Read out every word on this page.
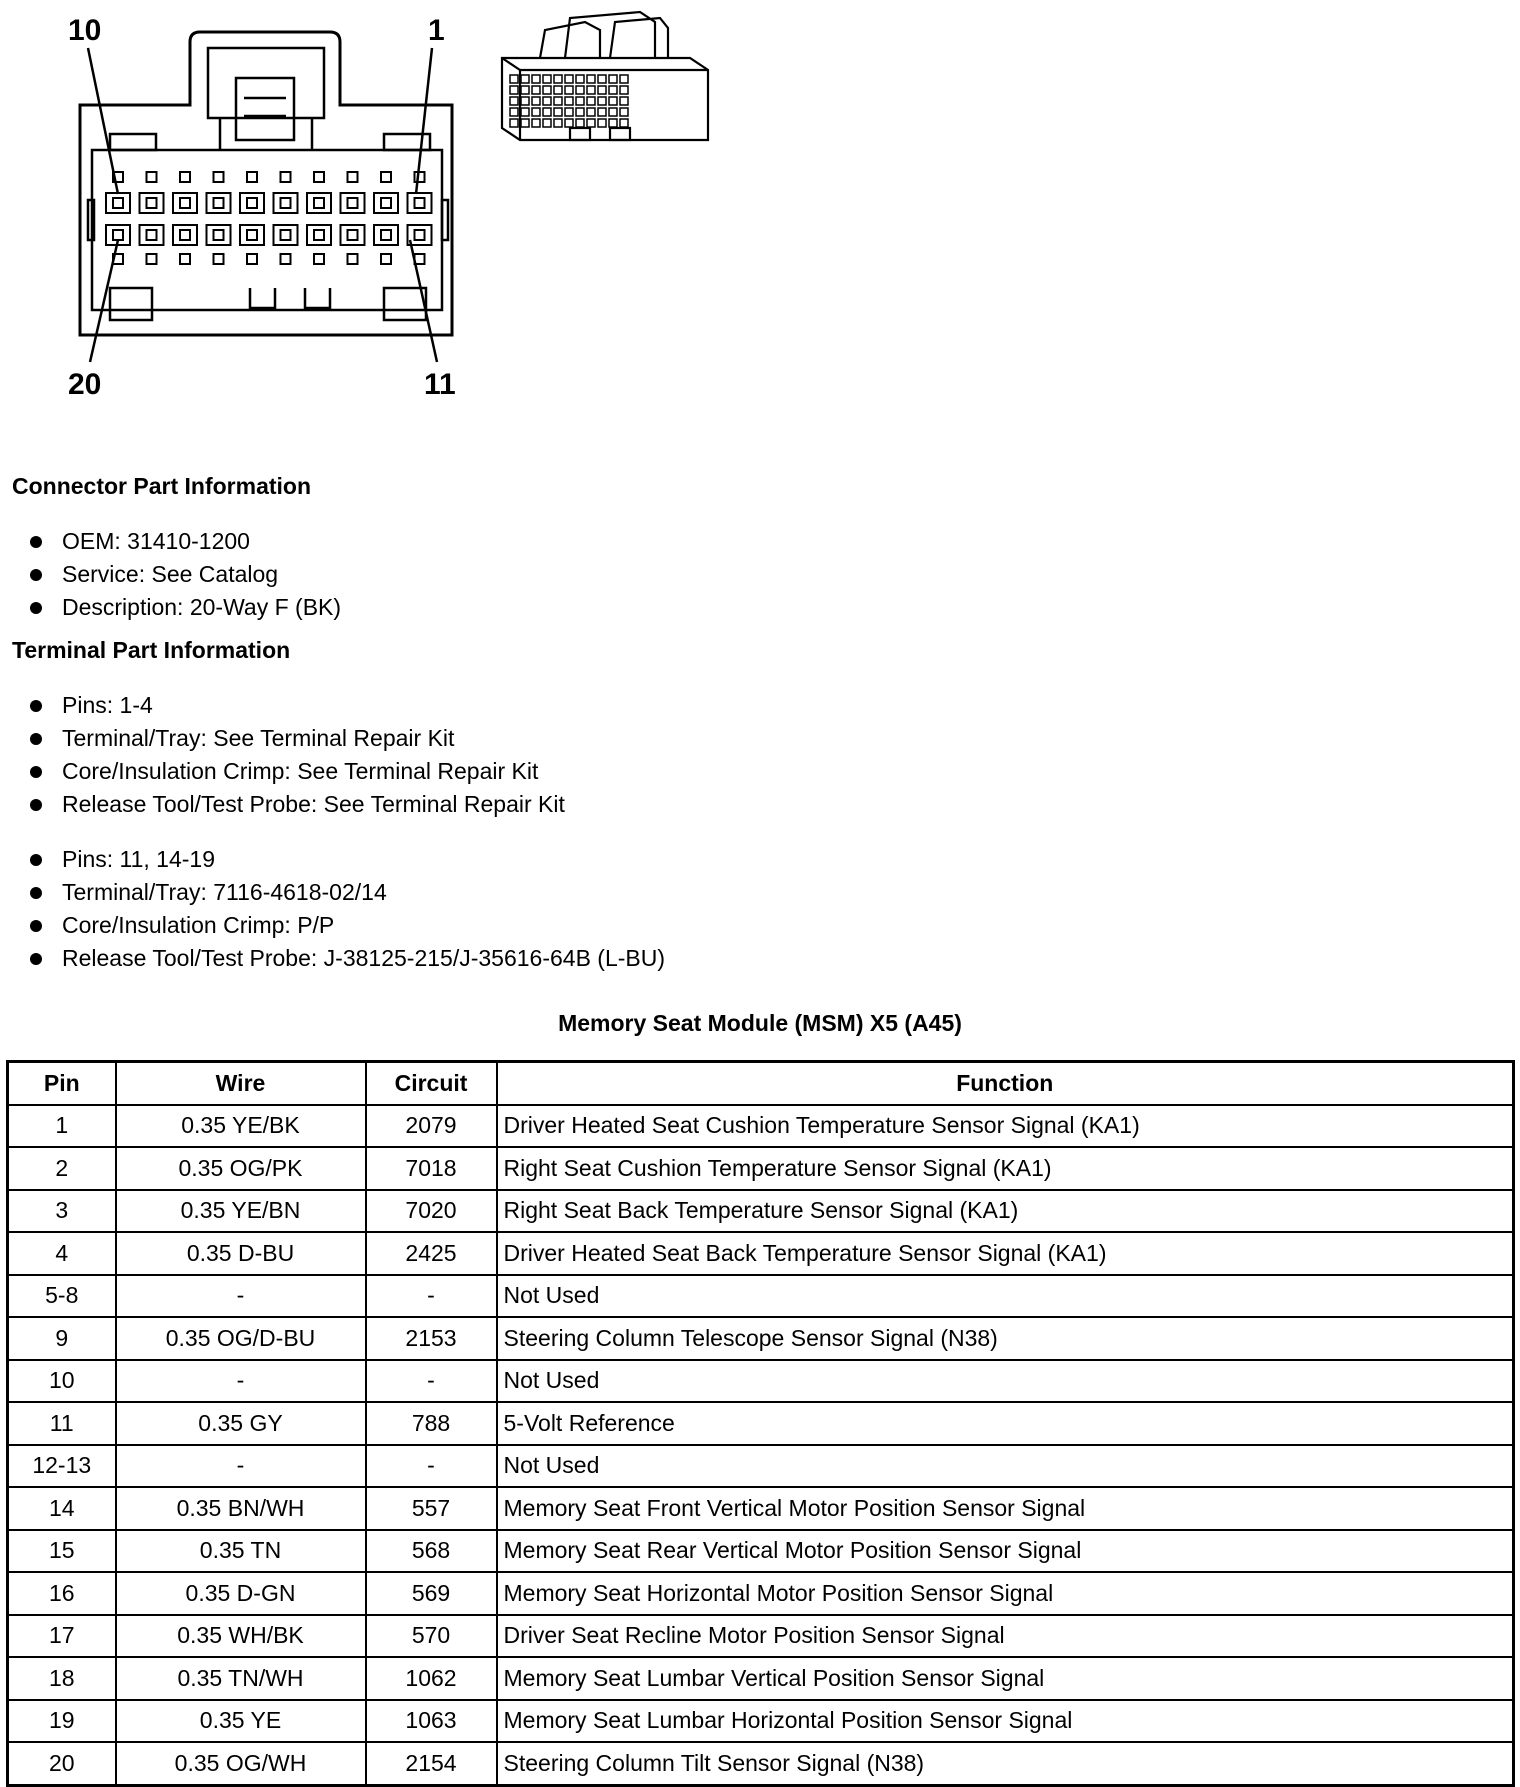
10	1
20	11
Connector Part Information
OEM: 31410-1200
Service: See Catalog
Description: 20-Way F (BK)
Terminal Part Information
Pins: 1-4
Terminal/Tray: See Terminal Repair Kit
Core/Insulation Crimp: See Terminal Repair Kit
Release Tool/Test Probe: See Terminal Repair Kit
Pins: 11, 14-19
Terminal/Tray: 7116-4618-02/14
Core/Insulation Crimp: P/P
Release Tool/Test Probe: J-38125-215/J-35616-64B (L-BU)
Memory Seat Module (MSM) X5 (A45)
Pin	Wire	Circuit	Function
1	0.35 YE/BK	2079	Driver Heated Seat Cushion Temperature Sensor Signal (KA1)
2	0.35 OG/PK	7018	Right Seat Cushion Temperature Sensor Signal (KA1)
3	0.35 YE/BN	7020	Right Seat Back Temperature Sensor Signal (KA1)
4	0.35 D-BU	2425	Driver Heated Seat Back Temperature Sensor Signal (KA1)
5-8	-	-	Not Used
9	0.35 OG/D-BU	2153	Steering Column Telescope Sensor Signal (N38)
10	-	-	Not Used
11	0.35 GY	788	5-Volt Reference
12-13	-	-	Not Used
14	0.35 BN/WH	557	Memory Seat Front Vertical Motor Position Sensor Signal
15	0.35 TN	568	Memory Seat Rear Vertical Motor Position Sensor Signal
16	0.35 D-GN	569	Memory Seat Horizontal Motor Position Sensor Signal
17	0.35 WH/BK	570	Driver Seat Recline Motor Position Sensor Signal
18	0.35 TN/WH	1062	Memory Seat Lumbar Vertical Position Sensor Signal
19	0.35 YE	1063	Memory Seat Lumbar Horizontal Position Sensor Signal
20	0.35 OG/WH	2154	Steering Column Tilt Sensor Signal (N38)
